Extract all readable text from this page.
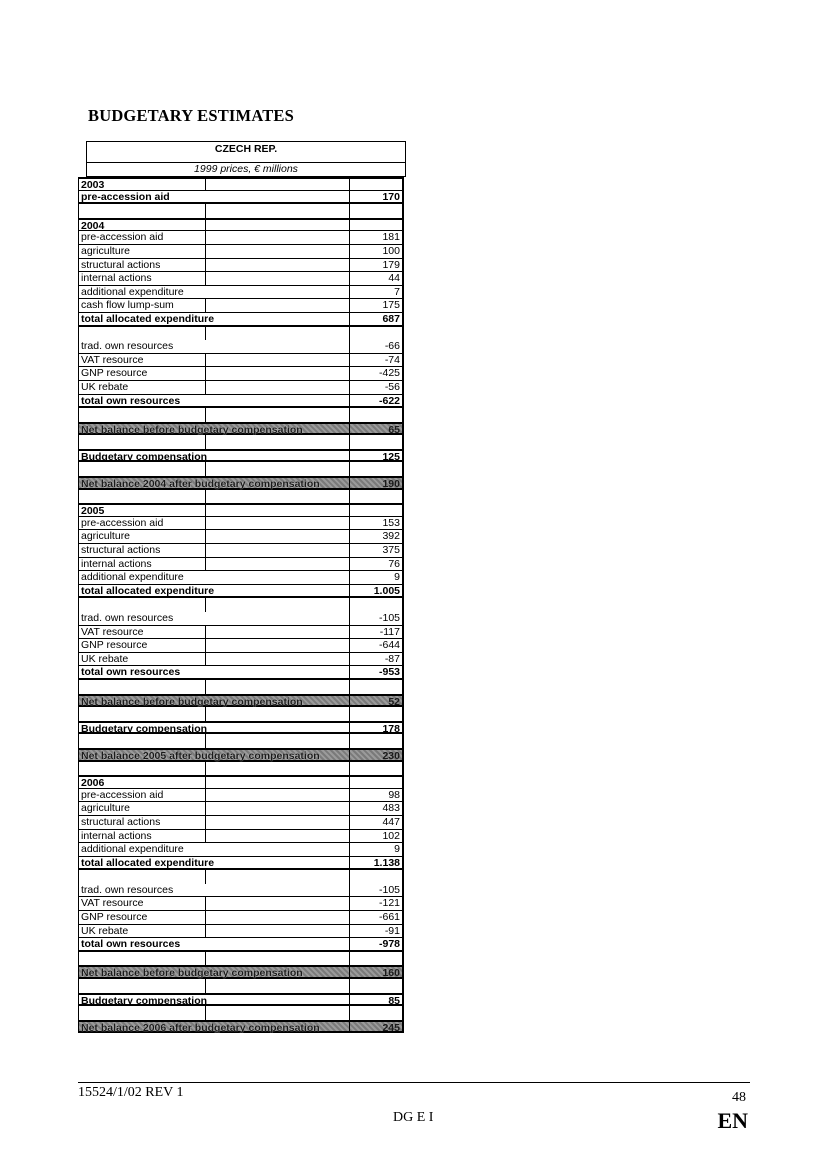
BUDGETARY ESTIMATES
CZECH REP.
1999 prices, € millions
2003
pre-accession aid	170
2004
pre-accession aid	181
agriculture	100
structural actions	179
internal actions	44
additional expenditure	7
cash flow lump-sum	175
total allocated expenditure	687
trad. own resources	-66
VAT resource	-74
GNP resource	-425
UK rebate	-56
total own resources	-622
Net balance before budgetary compensation	65
Budgetary compensation	125
Net balance 2004 after budgetary compensation	190
2005
pre-accession aid	153
agriculture	392
structural actions	375
internal actions	76
additional expenditure	9
total allocated expenditure	1.005
trad. own resources	-105
VAT resource	-117
GNP resource	-644
UK rebate	-87
total own resources	-953
Net balance before budgetary compensation	52
Budgetary compensation	178
Net balance 2005 after budgetary compensation	230
2006
pre-accession aid	98
agriculture	483
structural actions	447
internal actions	102
additional expenditure	9
total allocated expenditure	1.138
trad. own resources	-105
VAT resource	-121
GNP resource	-661
UK rebate	-91
total own resources	-978
Net balance before budgetary compensation	160
Budgetary compensation	85
Net balance 2006 after budgetary compensation	245
15524/1/02 REV 1	48
DG E I	EN
